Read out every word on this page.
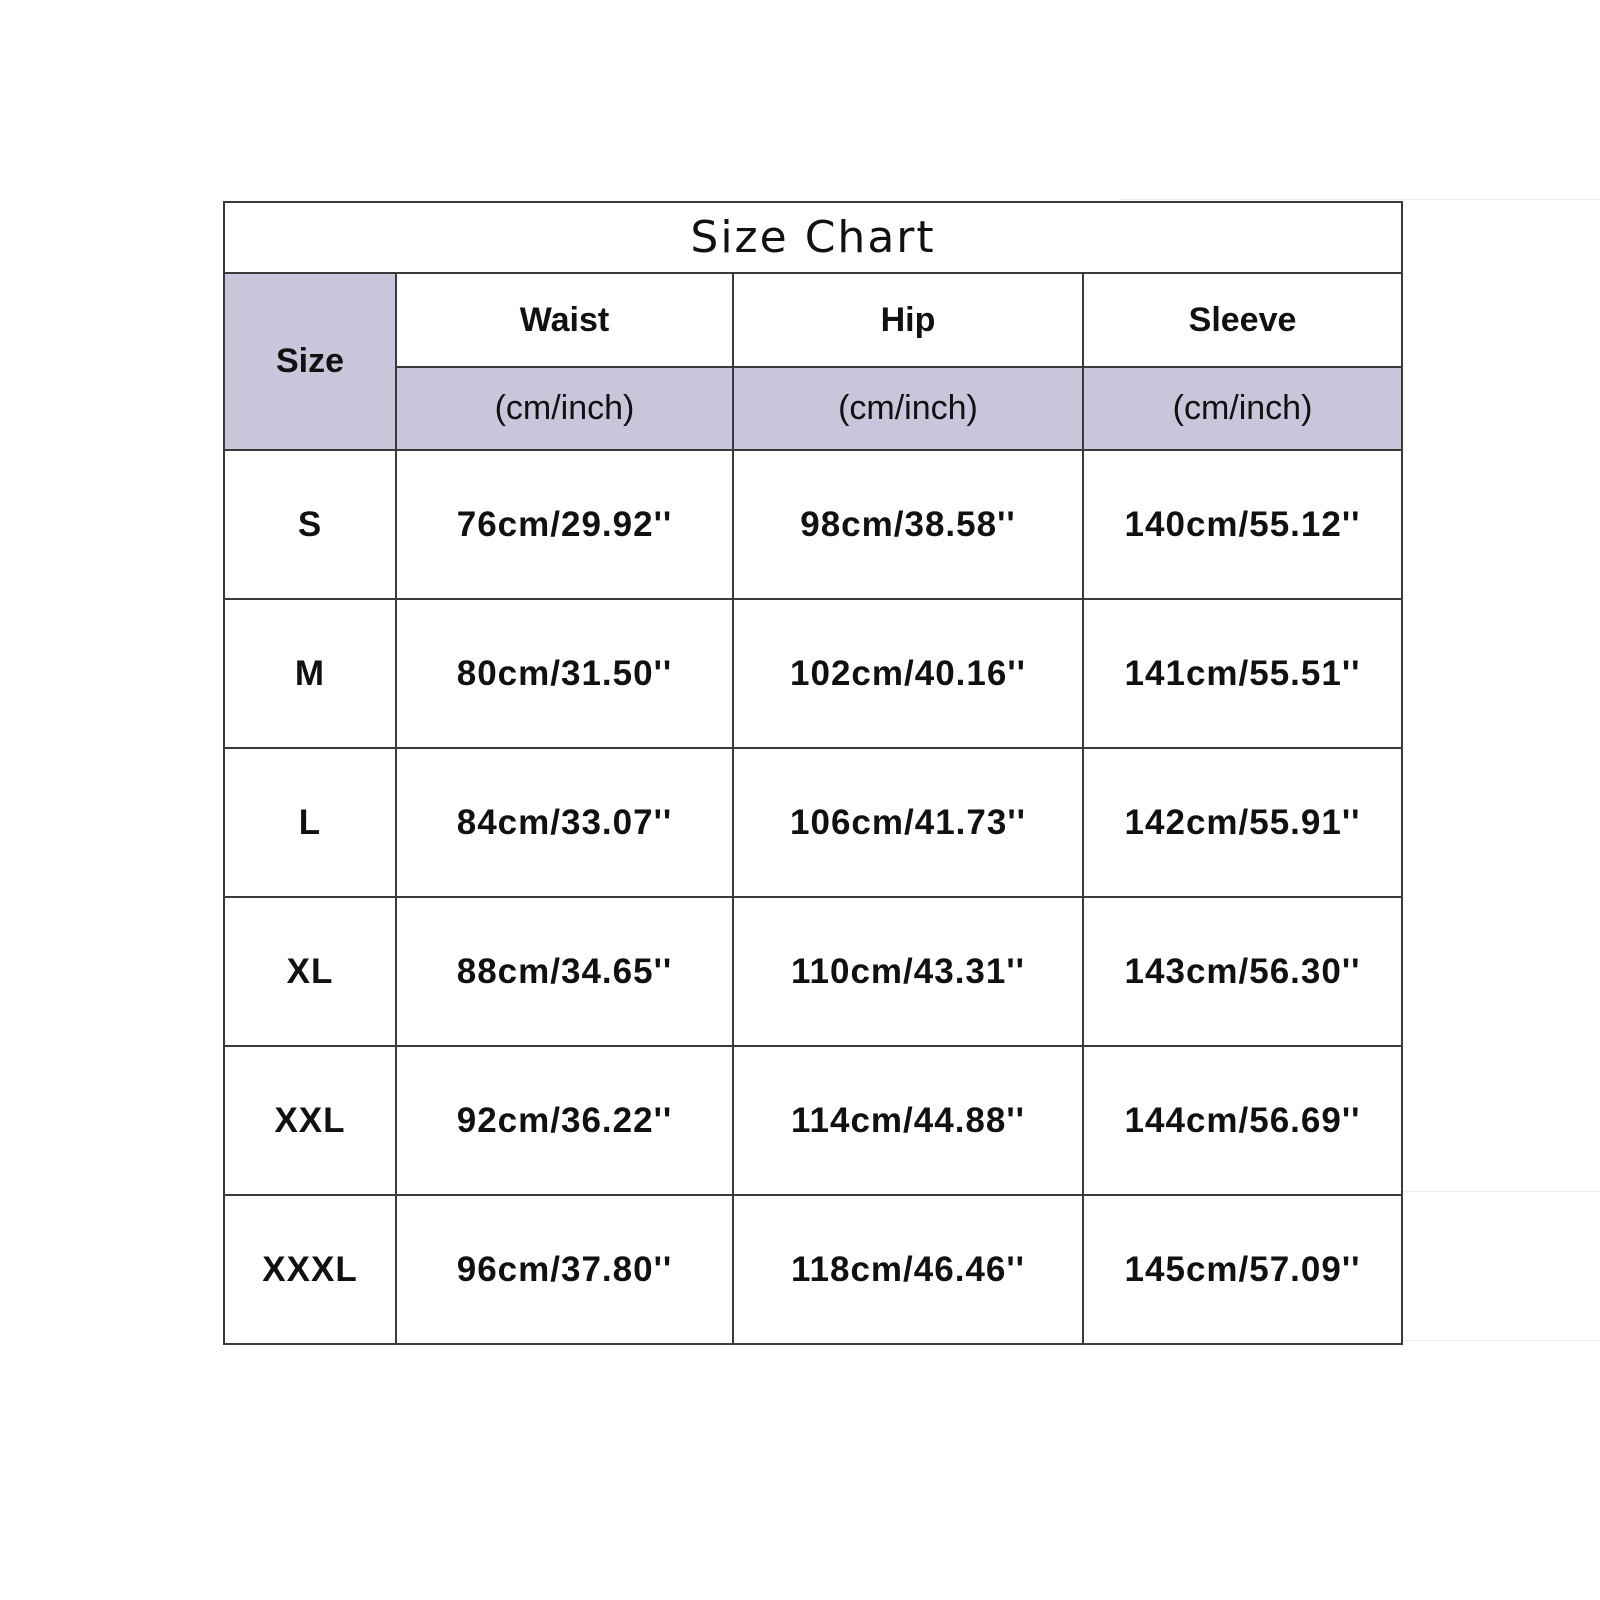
Size Chart			
Size	Waist	Hip	Sleeve
	(cm/inch)	(cm/inch)	(cm/inch)
S	76cm/29.92''	98cm/38.58''	140cm/55.12''
M	80cm/31.50''	102cm/40.16''	141cm/55.51''
L	84cm/33.07''	106cm/41.73''	142cm/55.91''
XL	88cm/34.65''	110cm/43.31''	143cm/56.30''
XXL	92cm/36.22''	114cm/44.88''	144cm/56.69''
XXXL	96cm/37.80''	118cm/46.46''	145cm/57.09''
